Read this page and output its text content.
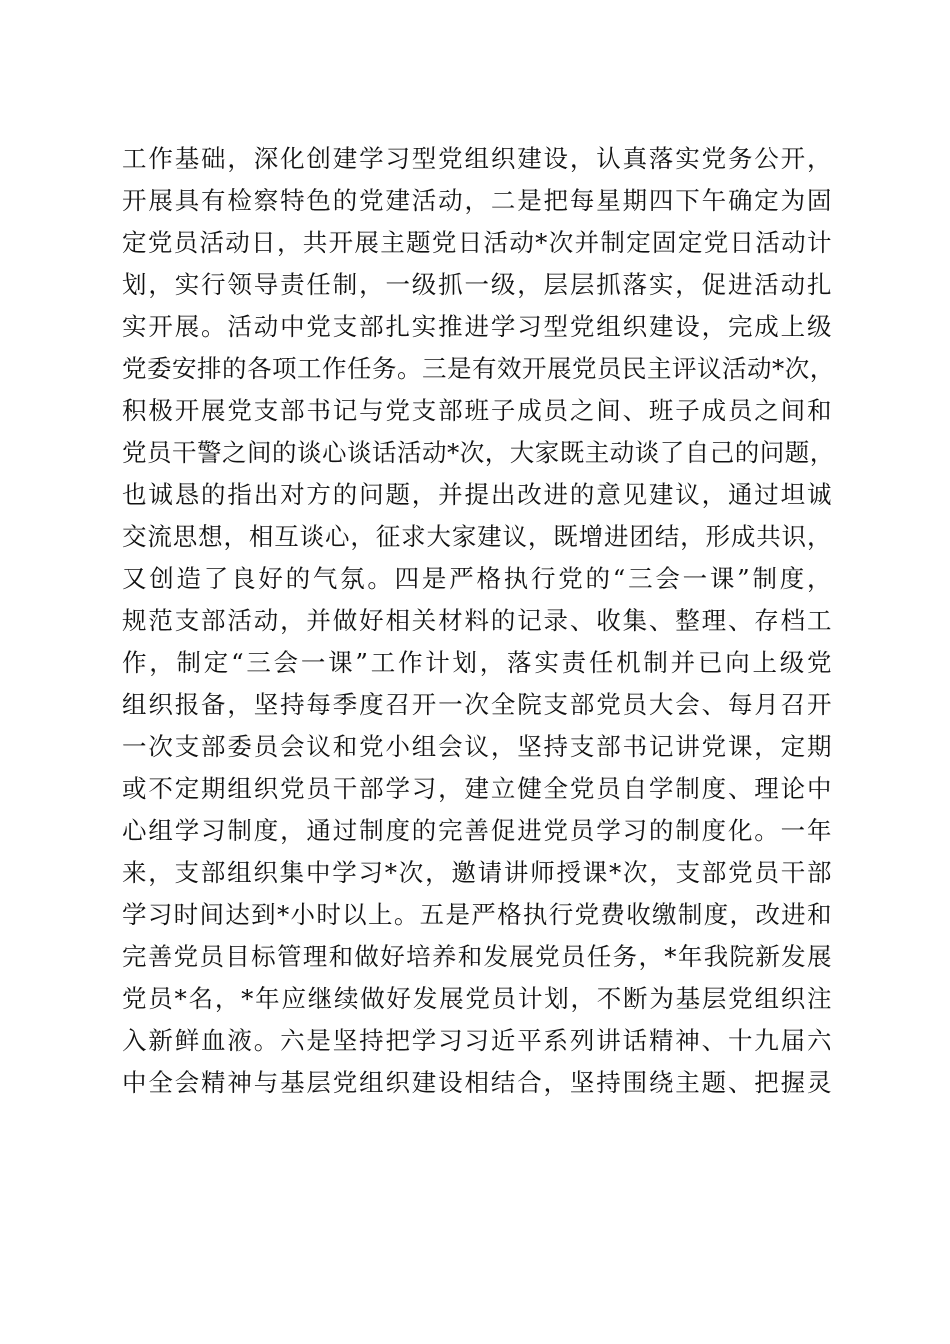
工作基础，深化创建学习型党组织建设，认真落实党务公开，
开展具有检察特色的党建活动，二是把每星期四下午确定为固
定党员活动日，共开展主题党日活动*次并制定固定党日活动计
划，实行领导责任制，一级抓一级，层层抓落实，促进活动扎
实开展。活动中党支部扎实推进学习型党组织建设，完成上级
党委安排的各项工作任务。三是有效开展党员民主评议活动*次，
积极开展党支部书记与党支部班子成员之间、班子成员之间和
党员干警之间的谈心谈话活动*次，大家既主动谈了自己的问题，
也诚恳的指出对方的问题，并提出改进的意见建议，通过坦诚
交流思想，相互谈心，征求大家建议，既增进团结，形成共识，
又创造了良好的气氛。四是严格执行党的“三会一课”制度，
规范支部活动，并做好相关材料的记录、收集、整理、存档工
作，制定“三会一课”工作计划，落实责任机制并已向上级党
组织报备，坚持每季度召开一次全院支部党员大会、每月召开
一次支部委员会议和党小组会议，坚持支部书记讲党课，定期
或不定期组织党员干部学习，建立健全党员自学制度、理论中
心组学习制度，通过制度的完善促进党员学习的制度化。一年
来，支部组织集中学习*次，邀请讲师授课*次，支部党员干部
学习时间达到*小时以上。五是严格执行党费收缴制度，改进和
完善党员目标管理和做好培养和发展党员任务，*年我院新发展
党员*名，*年应继续做好发展党员计划，不断为基层党组织注
入新鲜血液。六是坚持把学习习近平系列讲话精神、十九届六
中全会精神与基层党组织建设相结合，坚持围绕主题、把握灵
